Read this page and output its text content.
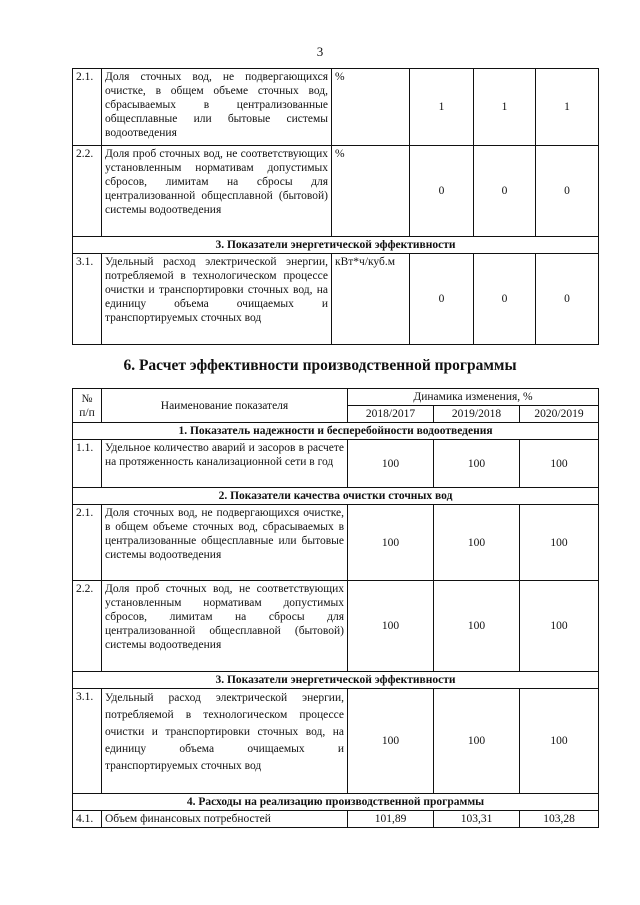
3
2.1.	Доля сточных вод, не подвергающихся очистке, в общем объеме сточных вод, сбрасываемых в централизованные общесплавные или бытовые системы водоотведения	%	1	1	1
2.2.	Доля проб сточных вод, не соответствующих установленным нормативам допустимых сбросов, лимитам на сбросы для централизованной общесплавной (бытовой) системы водоотведения	%	0	0	0
3. Показатели энергетической эффективности					
3.1.	Удельный расход электрической энергии, потребляемой в технологическом процессе очистки и транспортировки сточных вод, на единицу объема очищаемых и транспортируемых сточных вод	кВт*ч/куб.м	0	0	0
6. Расчет эффективности производственной программы
№ п/п	Наименование показателя	Динамика изменения, %		
		2018/2017	2019/2018	2020/2019
1. Показатель надежности и бесперебойности водоотведения				
1.1.	Удельное количество аварий и засоров в расчете на протяженность канализационной сети в год	100	100	100
2. Показатели качества очистки сточных вод				
2.1.	Доля сточных вод, не подвергающихся очистке, в общем объеме сточных вод, сбрасываемых в централизованные общесплавные или бытовые системы водоотведения	100	100	100
2.2.	Доля проб сточных вод, не соответствующих установленным нормативам допустимых сбросов, лимитам на сбросы для централизованной общесплавной (бытовой) системы водоотведения	100	100	100
3. Показатели энергетической эффективности				
3.1.	Удельный расход электрической энергии, потребляемой в технологическом процессе очистки и транспортировки сточных вод, на единицу объема очищаемых и транспортируемых сточных вод	100	100	100
4. Расходы на реализацию производственной программы				
4.1.	Объем финансовых потребностей	101,89	103,31	103,28
